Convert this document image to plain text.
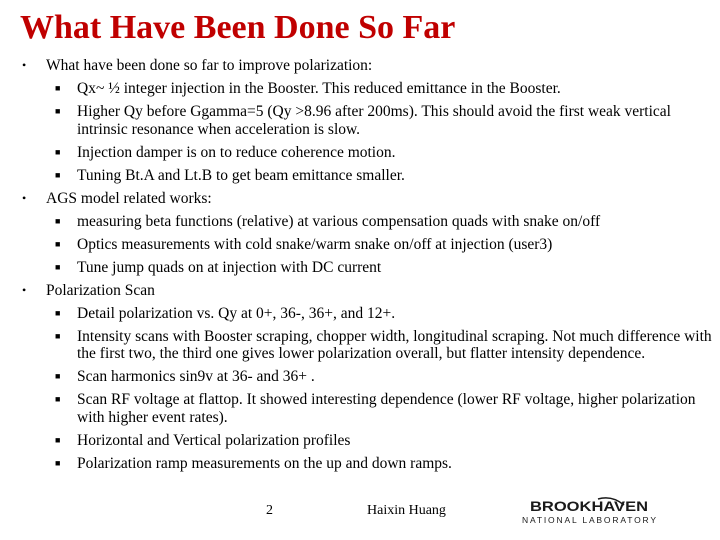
What Have Been Done So Far
• What have been done so far to improve polarization:
■ Qx~ ½ integer injection in the Booster. This reduced emittance in the Booster.
■ Higher Qy before Ggamma=5 (Qy >8.96 after 200ms). This should avoid the first weak vertical intrinsic resonance when acceleration is slow.
■ Injection damper is on to reduce coherence motion.
■ Tuning Bt.A and Lt.B to get beam emittance smaller.
• AGS model related works:
■ measuring beta functions (relative) at various compensation quads with snake on/off
■ Optics measurements with cold snake/warm snake on/off at injection (user3)
■ Tune jump quads on at injection with DC current
• Polarization Scan
■ Detail polarization vs. Qy at 0+, 36-, 36+, and 12+.
■ Intensity scans with Booster scraping, chopper width, longitudinal scraping. Not much difference with the first two, the third one gives lower polarization overall, but flatter intensity dependence.
■ Scan harmonics sin9v at 36- and 36+ .
■ Scan RF voltage at flattop. It showed interesting dependence (lower RF voltage, higher polarization with higher event rates).
■ Horizontal and Vertical polarization profiles
■ Polarization ramp measurements on the up and down ramps.
2	Haixin Huang	BROOKHAVEN
NATIONAL LABORATORY
